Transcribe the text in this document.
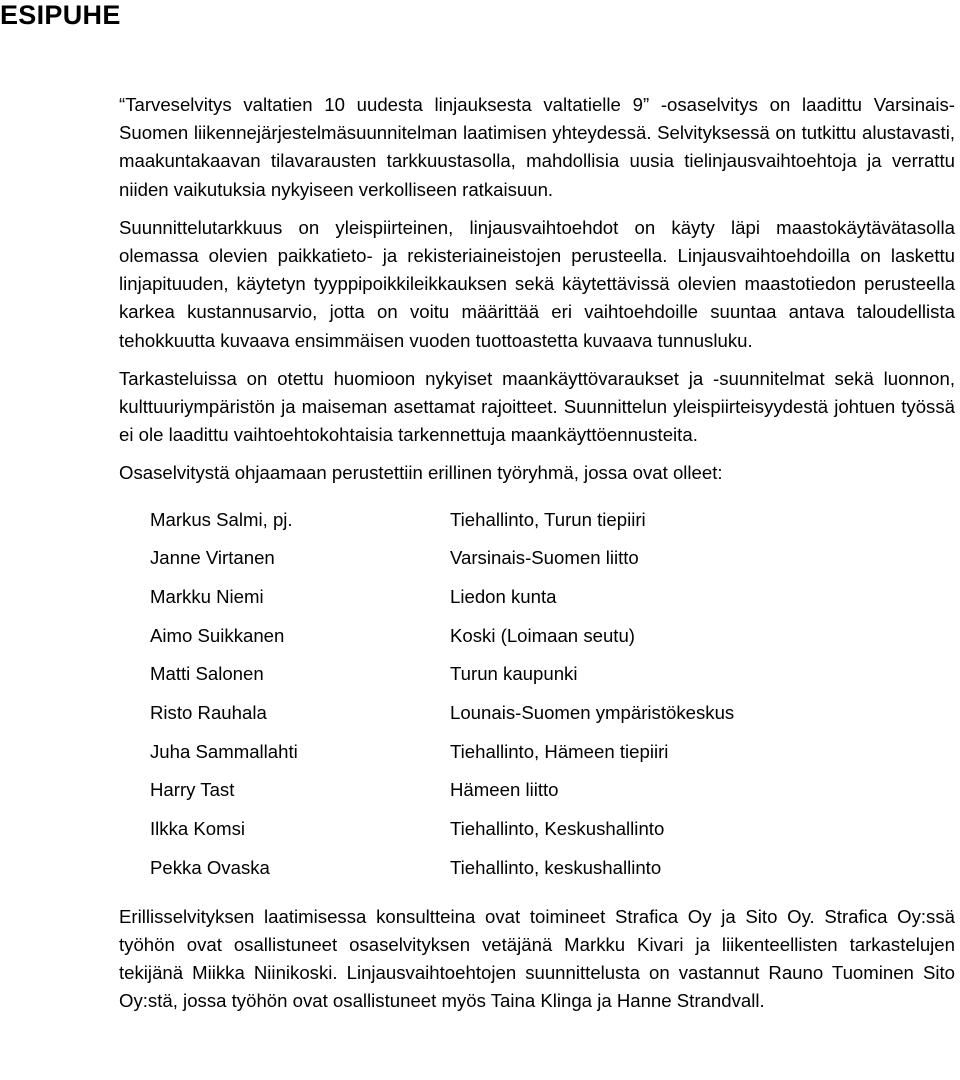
ESIPUHE

“Tarveselvitys valtatien 10 uudesta linjauksesta valtatielle 9” -osaselvitys on laadittu Varsinais-Suomen liikennejärjestelmäsuunnitelman laatimisen yhteydessä. Selvityksessä on tutkittu alustavasti, maakuntakaavan tilavarausten tarkkuustasolla, mahdollisia uusia tielinjausvaihtoehtoja ja verrattu niiden vaikutuksia nykyiseen verkolliseen ratkaisuun.

Suunnittelutarkkuus on yleispiirteinen, linjausvaihtoehdot on käyty läpi maastokäytävätasolla olemassa olevien paikkatieto- ja rekisteriaineistojen perusteella. Linjausvaihtoehdoilla on laskettu linjapituuden, käytetyn tyyppipoikkileikkauksen sekä käytettävissä olevien maastotiedon perusteella karkea kustannusarvio, jotta on voitu määrittää eri vaihtoehdoille suuntaa antava taloudellista tehokkuutta kuvaava ensimmäisen vuoden tuottoastetta kuvaava tunnusluku.

Tarkasteluissa on otettu huomioon nykyiset maankäyttövaraukset ja -suunnitelmat sekä luonnon, kulttuuriympäristön ja maiseman asettamat rajoitteet. Suunnittelun yleispiirteisyydestä johtuen työssä ei ole laadittu vaihtoehtokohtaisia tarkennettuja maankäyttöennusteita.

Osaselvitystä ohjaamaan perustettiin erillinen työryhmä, jossa ovat olleet:

Markus Salmi, pj.	Tiehallinto, Turun tiepiiri
Janne Virtanen	Varsinais-Suomen liitto
Markku Niemi	Liedon kunta
Aimo Suikkanen	Koski (Loimaan seutu)
Matti Salonen	Turun kaupunki
Risto Rauhala	Lounais-Suomen ympäristökeskus
Juha Sammallahti	Tiehallinto, Hämeen tiepiiri
Harry Tast	Hämeen liitto
Ilkka Komsi	Tiehallinto, Keskushallinto
Pekka Ovaska	Tiehallinto, keskushallinto

Erillisselvityksen laatimisessa konsultteina ovat toimineet Strafica Oy ja Sito Oy. Strafica Oy:ssä työhön ovat osallistuneet osaselvityksen vetäjänä Markku Kivari ja liikenteellisten tarkastelujen tekijänä Miikka Niinikoski. Linjausvaihtoehtojen suunnittelusta on vastannut Rauno Tuominen Sito Oy:stä, jossa työhön ovat osallistuneet myös Taina Klinga ja Hanne Strandvall.
